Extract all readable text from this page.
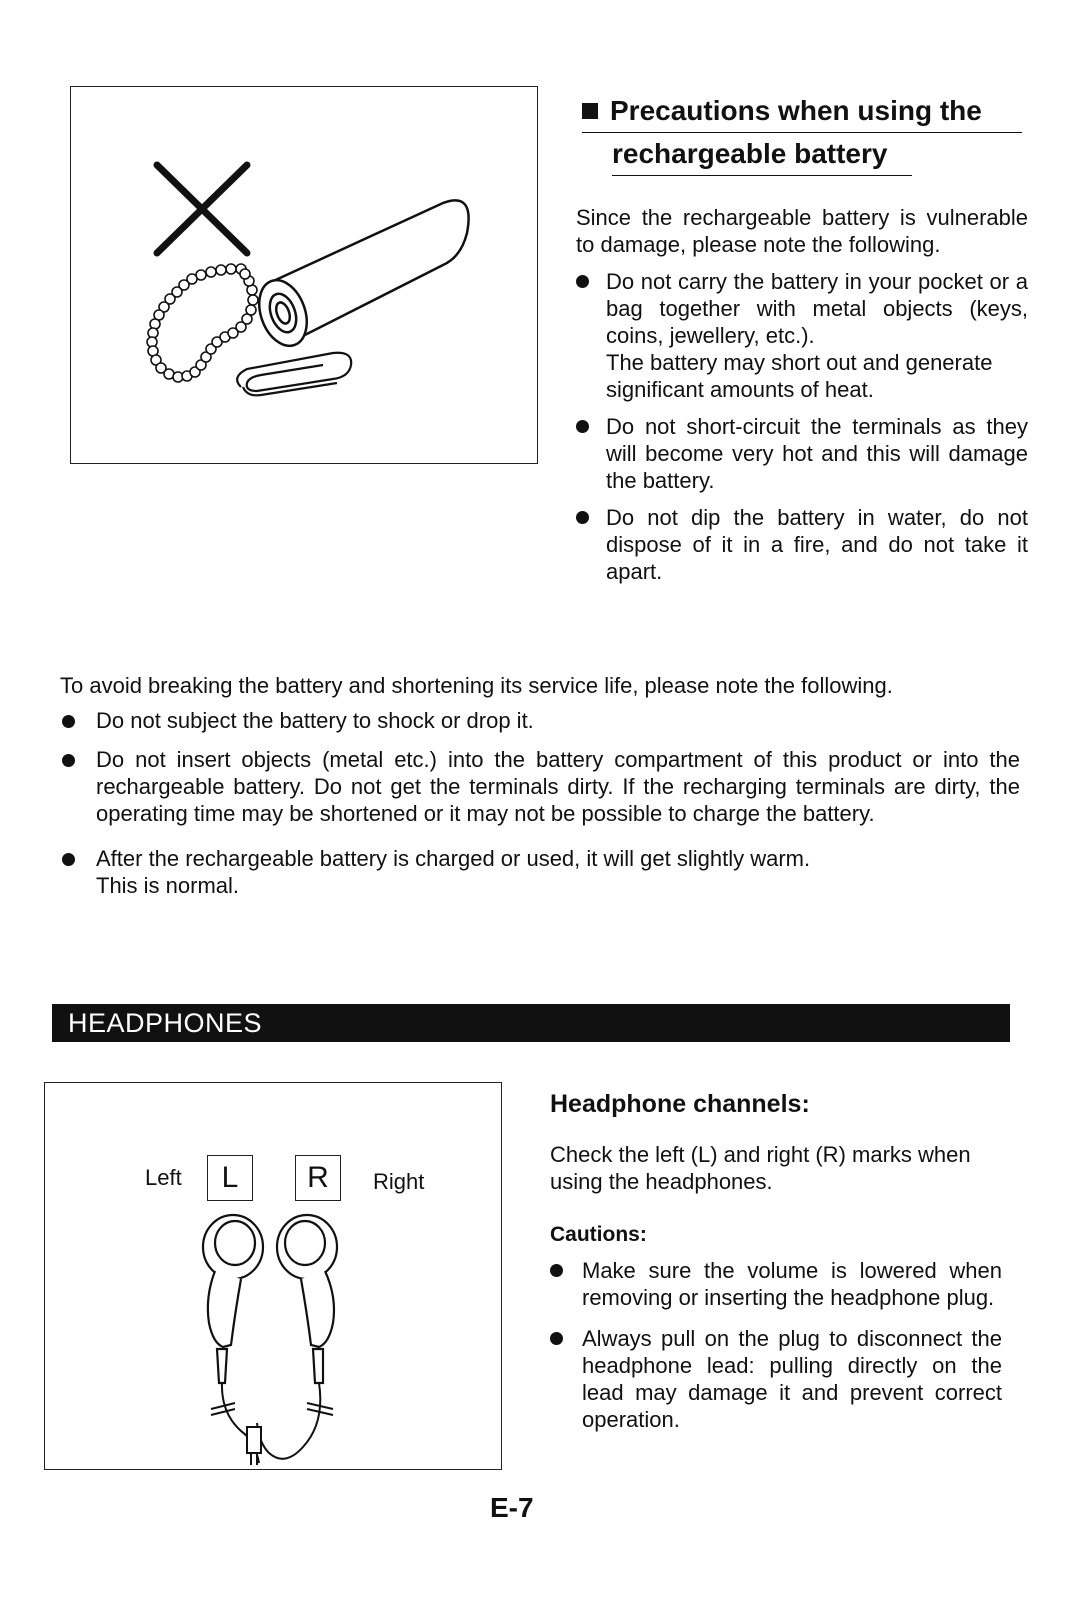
Precautions when using the
rechargeable battery

Since the rechargeable battery is vulnerable to damage, please note the following.

Do not carry the battery in your pocket or a bag together with metal objects (keys, coins, jewellery, etc.).

The battery may short out and generate significant amounts of heat.

Do not short-circuit the terminals as they will become very hot and this will damage the battery.
Do not dip the battery in water, do not dispose of it in a fire, and do not take it apart.

To avoid breaking the battery and shortening its service life, please note the following.

Do not subject the battery to shock or drop it.
Do not insert objects (metal etc.) into the battery compartment of this product or into the rechargeable battery. Do not get the terminals dirty. If the recharging terminals are dirty, the operating time may be shortened or it may not be possible to charge the battery.
After the rechargeable battery is charged or used, it will get slightly warm.

This is normal.

HEADPHONES
Left	L	R	Right
Headphone channels:

Check the left (L) and right (R) marks when using the headphones.

Cautions:
Make sure the volume is lowered when removing or inserting the headphone plug.
Always pull on the plug to disconnect the headphone lead: pulling directly on the lead may damage it and prevent correct operation.
E-7
